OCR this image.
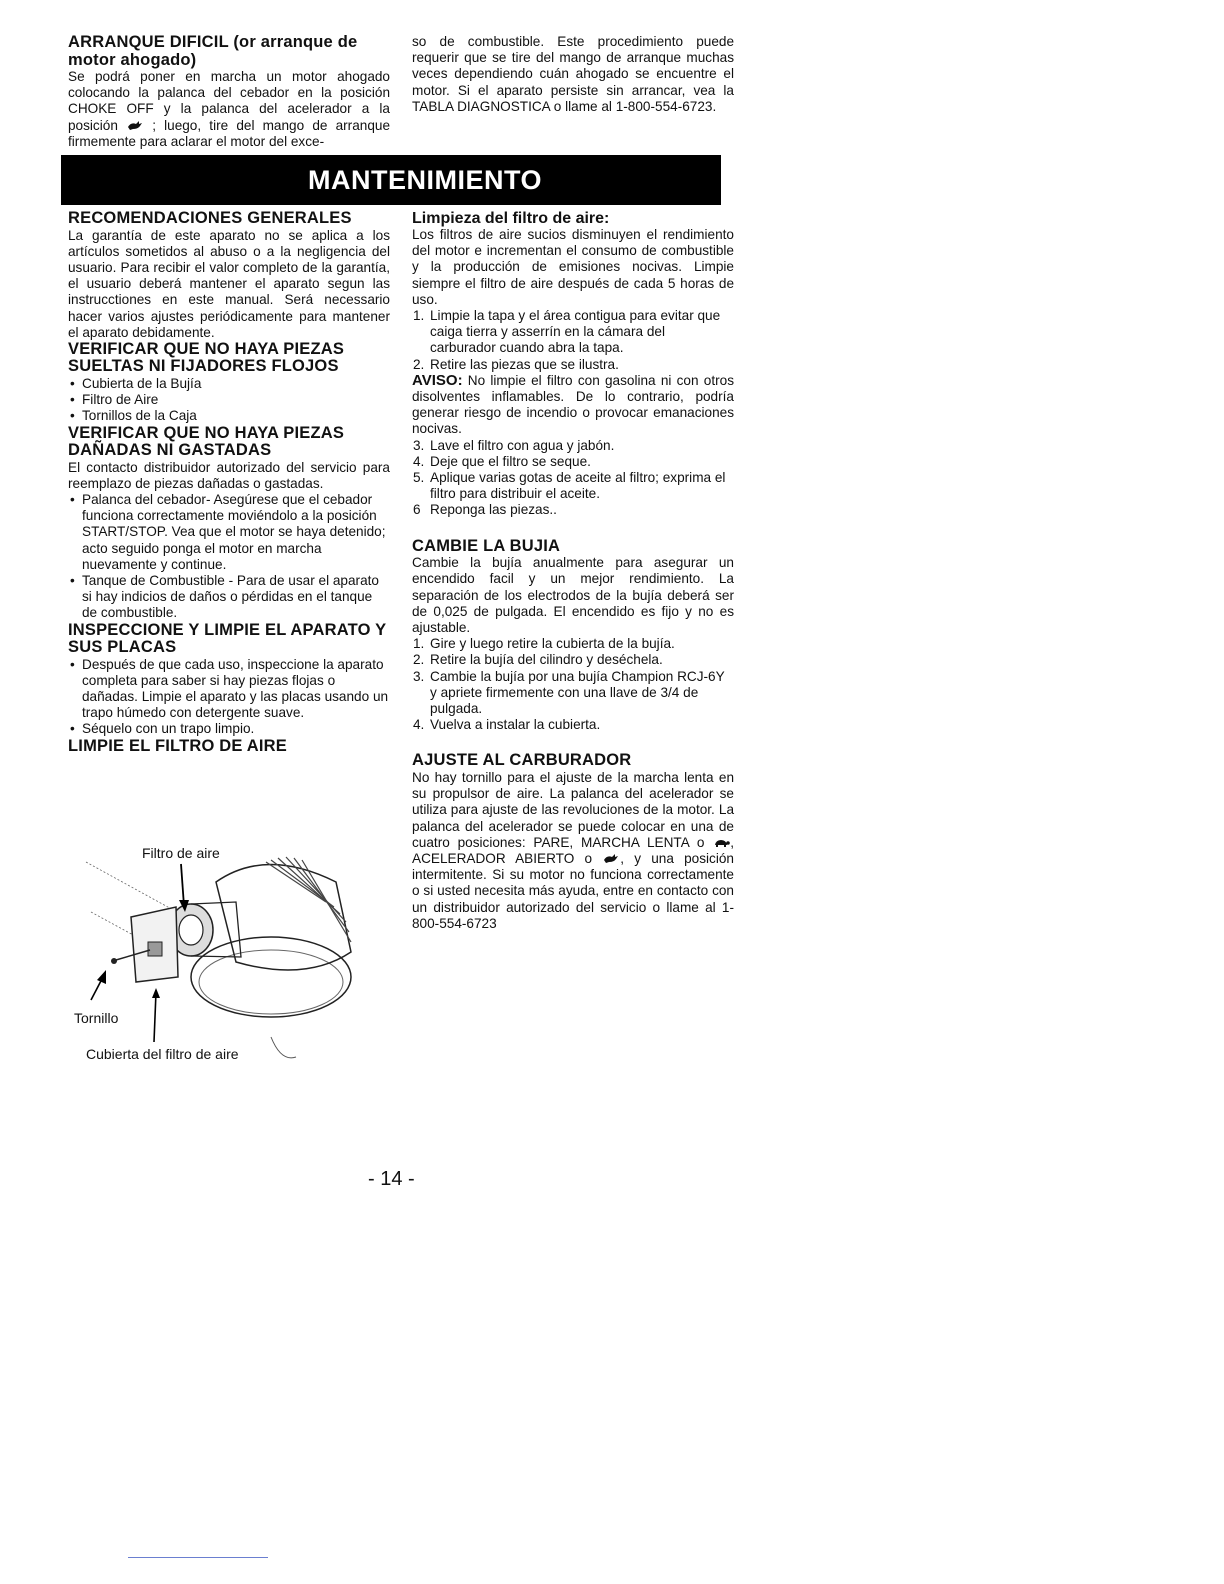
ARRANQUE DIFICIL (or arranque de motor ahogado)

Se podrá poner en marcha un motor ahogado colocando la palanca del cebador en la posición CHOKE OFF y la palanca del acelerador a la posición	; luego, tire del mango de arranque firmemente para aclarar el motor del exce-

so de combustible. Este procedimiento puede requerir que se tire del mango de arranque muchas veces dependiendo cuán ahogado se encuentre el motor. Si el aparato persiste sin arrancar, vea la TABLA DIAGNOSTICA o llame al 1-800-554-6723.

MANTENIMIENTO
RECOMENDACIONES GENERALES

La garantía de este aparato no se aplica a los artículos sometidos al abuso o a la negligencia del usuario. Para recibir el valor completo de la garantía, el usuario deberá mantener el aparato segun las instrucctiones en este manual. Será necessario hacer varios ajustes periódicamente para mantener el aparato debidamente.

VERIFICAR QUE NO HAYA PIEZAS SUELTAS NI FIJADORES FLOJOS
• Cubierta de la Bujía
• Filtro de Aire
• Tornillos de la Caja
VERIFICAR QUE NO HAYA PIEZAS DAÑADAS NI GASTADAS

El contacto distribuidor autorizado del servicio para reemplazo de piezas dañadas o gastadas.

• Palanca del cebador- Asegúrese que el cebador funciona correctamente moviéndolo a la posición START/STOP. Vea que el motor se haya detenido; acto seguido ponga el motor en marcha nuevamente y continue.
• Tanque de Combustible - Para de usar el aparato si hay indicios de daños o pérdidas en el tanque de combustible.
INSPECCIONE Y LIMPIE EL APARATO Y SUS PLACAS
• Después de que cada uso, inspeccione la aparato completa para saber si hay piezas flojas o dañadas. Limpie el aparato y las placas usando un trapo húmedo con detergente suave.
• Séquelo con un trapo limpio.
LIMPIE EL FILTRO DE AIRE
Filtro de aire
Tornillo
Cubierta del filtro de aire
Limpieza del filtro de aire:

Los filtros de aire sucios disminuyen el rendimiento del motor e incrementan el consumo de combustible y la producción de emisiones nocivas. Limpie siempre el filtro de aire después de cada 5 horas de uso.

1. Limpie la tapa y el área contigua para evitar que caiga tierra y asserrín en la cámara del carburador cuando abra la tapa.
2. Retire las piezas que se ilustra.

AVISO: No limpie el filtro con gasolina ni con otros disolventes inflamables. De lo contrario, podría generar riesgo de incendio o provocar emanaciones nocivas.

3. Lave el filtro con agua y jabón.
4. Deje que el filtro se seque.
5. Aplique varias gotas de aceite al filtro; exprima el filtro para distribuir el aceite.
6 Reponga las piezas..
CAMBIE LA BUJIA

Cambie la bujía anualmente para asegurar un encendido facil y un mejor rendimiento. La separación de los electrodos de la bujía deberá ser de 0,025 de pulgada. El encendido es fijo y no es ajustable.

1. Gire y luego retire la cubierta de la bujía.
2. Retire la bujía del cilindro y deséchela.
3. Cambie la bujía por una bujía Champion RCJ-6Y y apriete firmemente con una llave de 3/4 de pulgada.
4. Vuelva a instalar la cubierta.
AJUSTE AL CARBURADOR

No hay tornillo para el ajuste de la marcha lenta en su propulsor de aire. La palanca del acelerador se utiliza para ajuste de las revoluciones de la motor. La palanca del acelerador se puede colocar en una de cuatro posiciones: PARE, MARCHA LENTA o , ACELERADOR ABIERTO o , y una posición intermitente. Si su motor no funciona correctamente o si usted necesita más ayuda, entre en contacto con un distribuidor autorizado del servicio o llame al 1-800-554-6723

- 14 -
